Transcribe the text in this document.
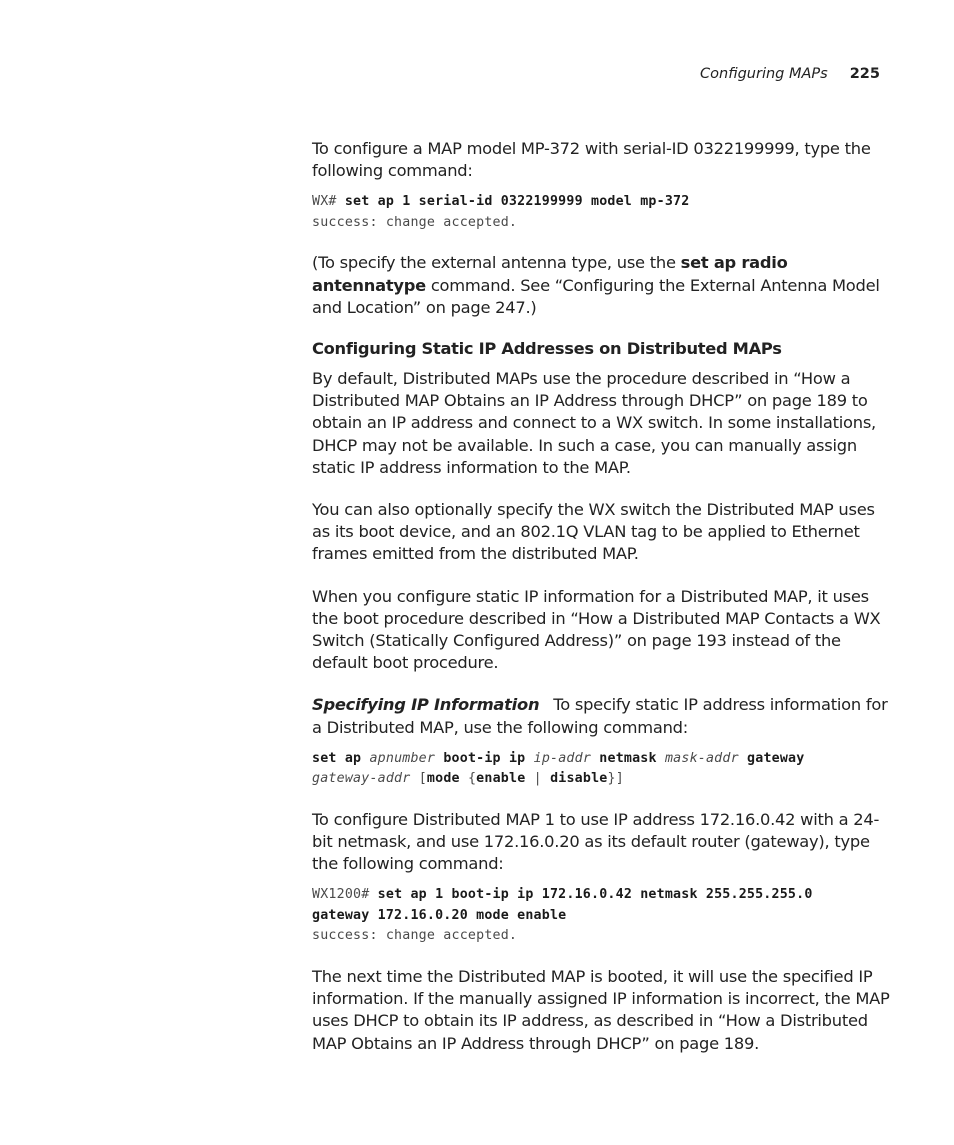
Configuring MAPs 225

To configure a MAP model MP-372 with serial-ID 0322199999, type the following command:

WX# set ap 1 serial-id 0322199999 model mp-372
success: change accepted.

(To specify the external antenna type, use the set ap radio antennatype command. See “Configuring the External Antenna Model and Location” on page 247.)

Configuring Static IP Addresses on Distributed MAPs

By default, Distributed MAPs use the procedure described in “How a Distributed MAP Obtains an IP Address through DHCP” on page 189 to obtain an IP address and connect to a WX switch. In some installations, DHCP may not be available. In such a case, you can manually assign static IP address information to the MAP.

You can also optionally specify the WX switch the Distributed MAP uses as its boot device, and an 802.1Q VLAN tag to be applied to Ethernet frames emitted from the distributed MAP.

When you configure static IP information for a Distributed MAP, it uses the boot procedure described in “How a Distributed MAP Contacts a WX Switch (Statically Configured Address)” on page 193 instead of the default boot procedure.

Specifying IP Information To specify static IP address information for a Distributed MAP, use the following command:

set ap apnumber boot-ip ip ip-addr netmask mask-addr gateway
gateway-addr [mode {enable | disable}]

To configure Distributed MAP 1 to use IP address 172.16.0.42 with a 24-bit netmask, and use 172.16.0.20 as its default router (gateway), type the following command:

WX1200# set ap 1 boot-ip ip 172.16.0.42 netmask 255.255.255.0
gateway 172.16.0.20 mode enable
success: change accepted.

The next time the Distributed MAP is booted, it will use the specified IP information. If the manually assigned IP information is incorrect, the MAP uses DHCP to obtain its IP address, as described in “How a Distributed MAP Obtains an IP Address through DHCP” on page 189.
